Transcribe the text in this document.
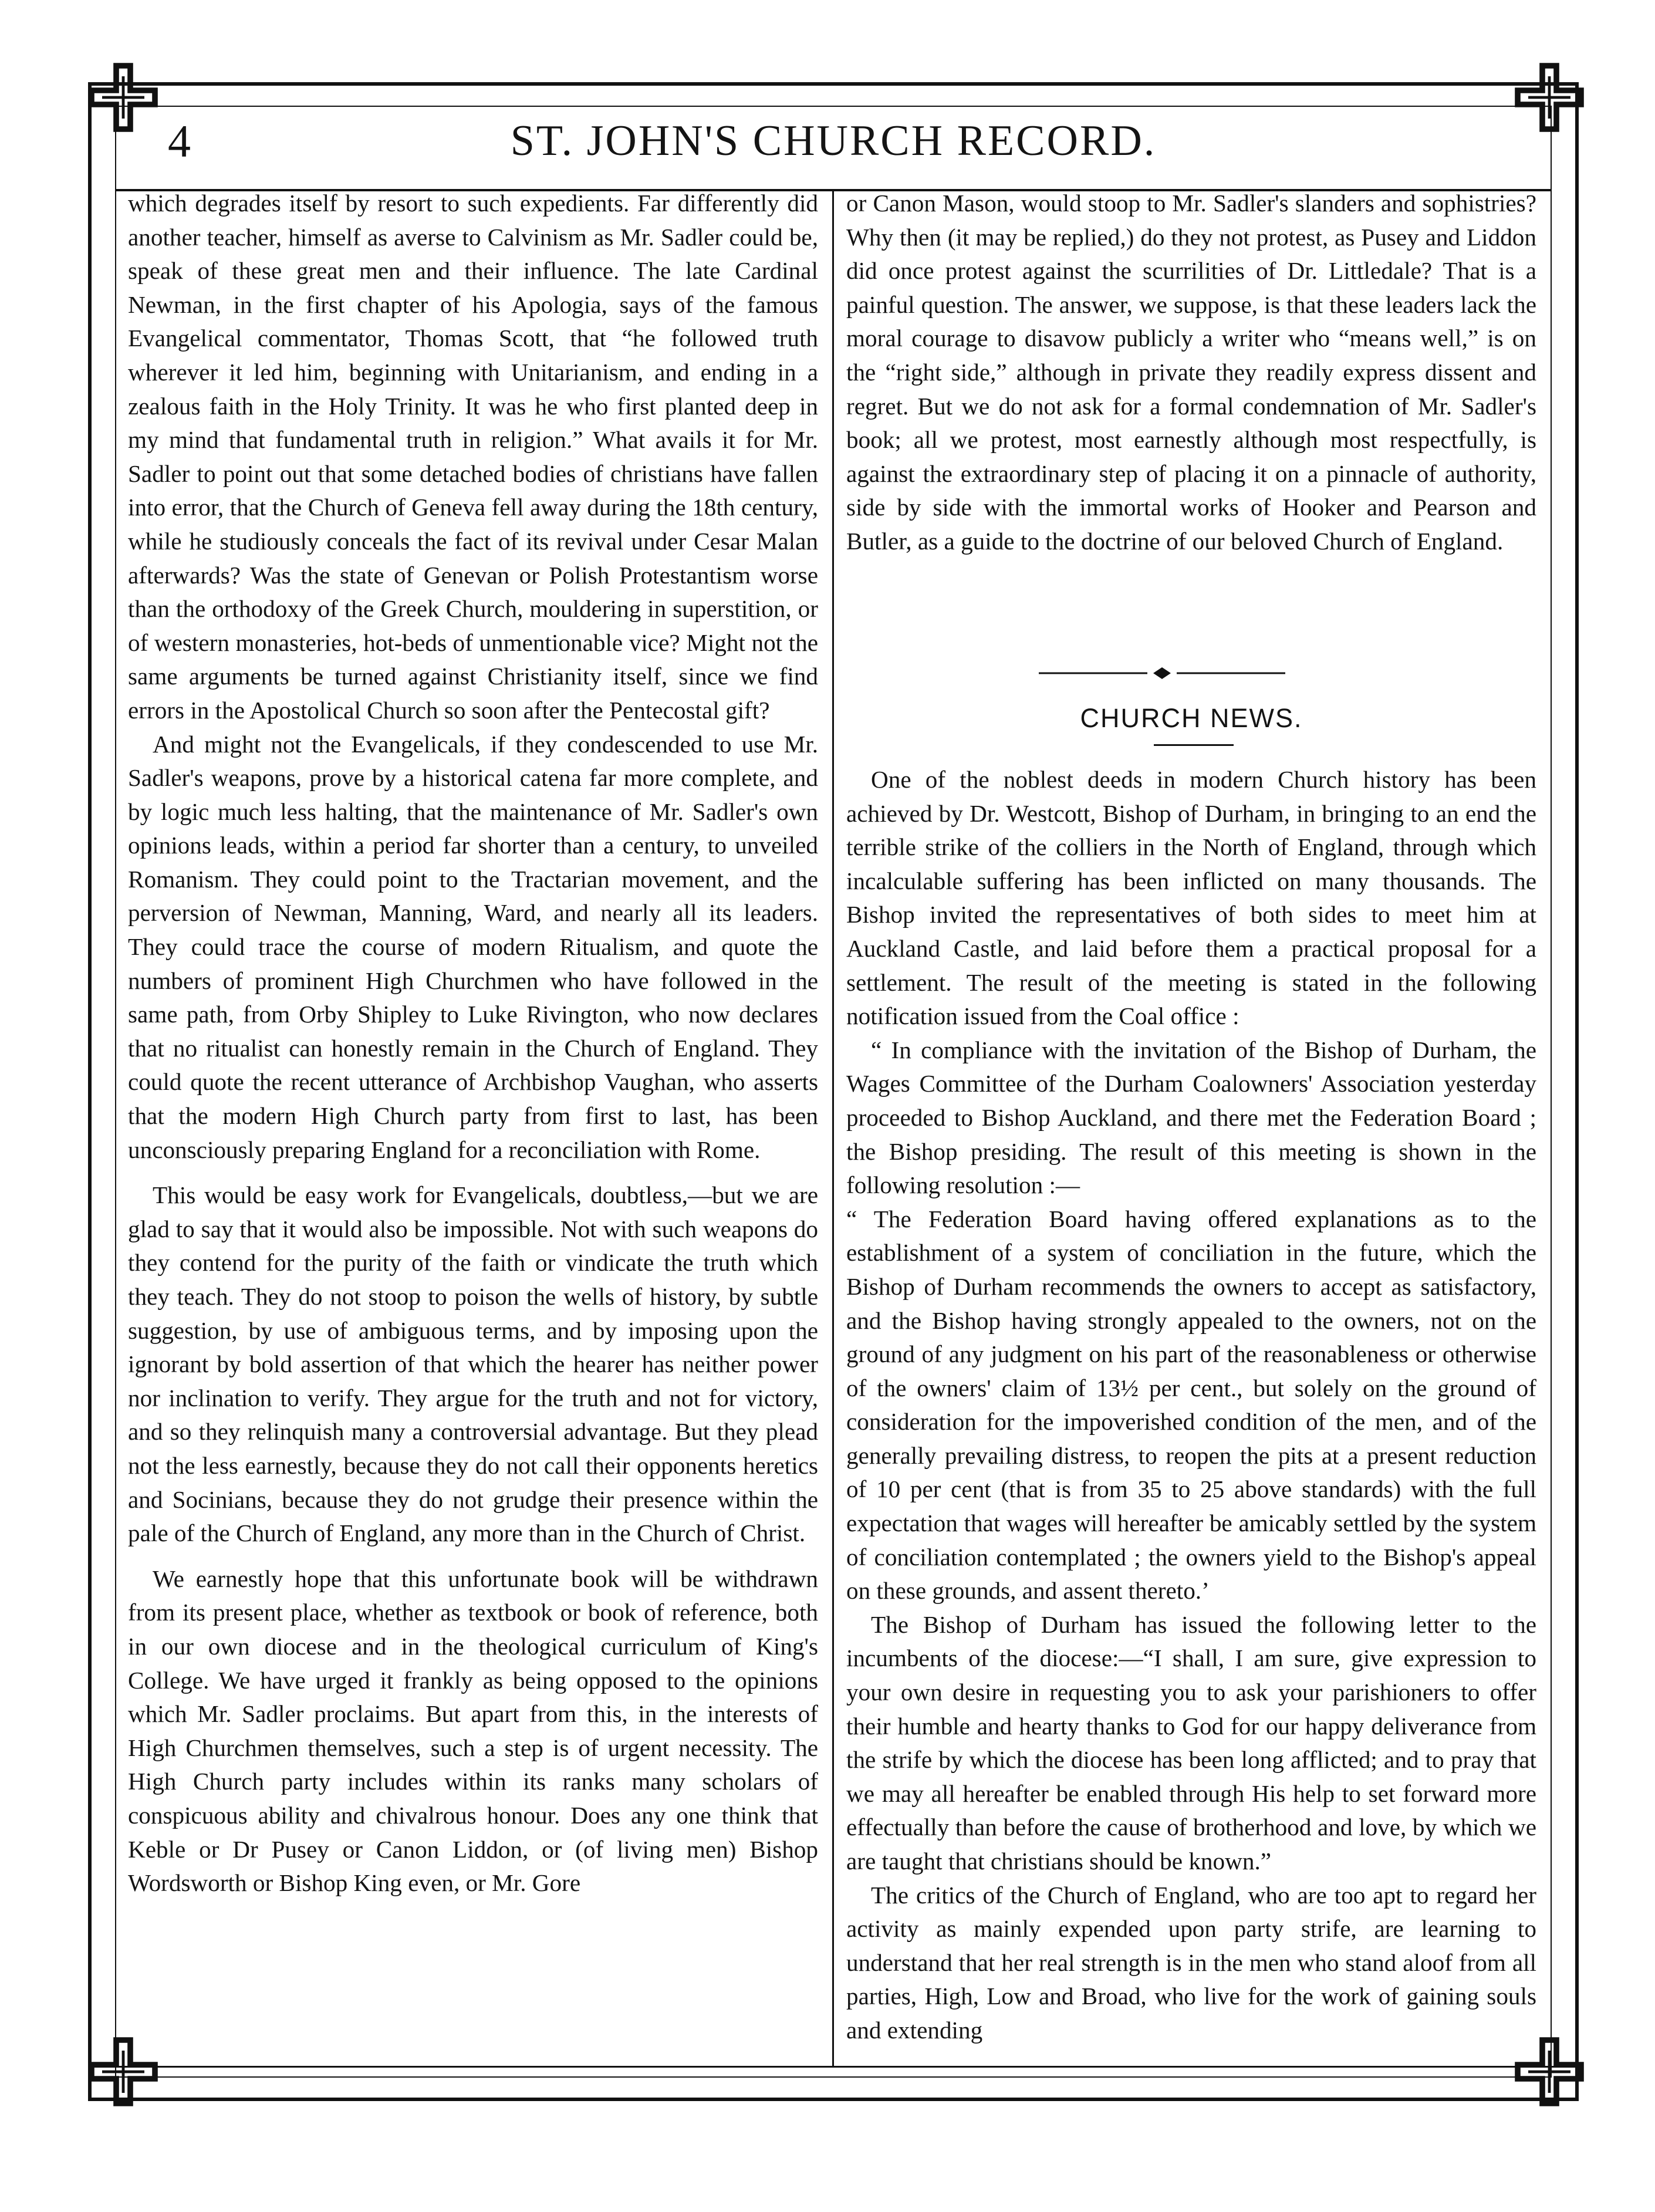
4	ST. JOHN'S CHURCH RECORD.

which degrades itself by resort to such expedients. Far differently did another teacher, himself as averse to Calvinism as Mr. Sadler could be, speak of these great men and their influence. The late Cardinal Newman, in the first chapter of his Apologia, says of the famous Evangelical commentator, Thomas Scott, that “he followed truth wherever it led him, beginning with Unitarianism, and ending in a zealous faith in the Holy Trinity. It was he who first planted deep in my mind that fundamental truth in religion.” What avails it for Mr. Sadler to point out that some detached bodies of christians have fallen into error, that the Church of Geneva fell away during the 18th century, while he studiously conceals the fact of its revival under Cesar Malan afterwards? Was the state of Genevan or Polish Protestantism worse than the orthodoxy of the Greek Church, mouldering in superstition, or of western monasteries, hot-beds of unmentionable vice? Might not the same arguments be turned against Christianity itself, since we find errors in the Apostolical Church so soon after the Pentecostal gift?

And might not the Evangelicals, if they condescended to use Mr. Sadler's weapons, prove by a historical catena far more complete, and by logic much less halting, that the maintenance of Mr. Sadler's own opinions leads, within a period far shorter than a century, to unveiled Romanism. They could point to the Tractarian movement, and the perversion of Newman, Manning, Ward, and nearly all its leaders. They could trace the course of modern Ritualism, and quote the numbers of prominent High Churchmen who have followed in the same path, from Orby Shipley to Luke Rivington, who now declares that no ritualist can honestly remain in the Church of England. They could quote the recent utterance of Archbishop Vaughan, who asserts that the modern High Church party from first to last, has been unconsciously preparing England for a reconciliation with Rome.

This would be easy work for Evangelicals, doubtless,—but we are glad to say that it would also be impossible. Not with such weapons do they contend for the purity of the faith or vindicate the truth which they teach. They do not stoop to poison the wells of history, by subtle suggestion, by use of ambiguous terms, and by imposing upon the ignorant by bold assertion of that which the hearer has neither power nor inclination to verify. They argue for the truth and not for victory, and so they relinquish many a controversial advantage. But they plead not the less earnestly, because they do not call their opponents heretics and Socinians, because they do not grudge their presence within the pale of the Church of England, any more than in the Church of Christ.

We earnestly hope that this unfortunate book will be withdrawn from its present place, whether as textbook or book of reference, both in our own diocese and in the theological curriculum of King's College. We have urged it frankly as being opposed to the opinions which Mr. Sadler proclaims. But apart from this, in the interests of High Churchmen themselves, such a step is of urgent necessity. The High Church party includes within its ranks many scholars of conspicuous ability and chivalrous honour. Does any one think that Keble or Dr Pusey or Canon Liddon, or (of living men) Bishop Wordsworth or Bishop King even, or Mr. Gore

or Canon Mason, would stoop to Mr. Sadler's slanders and sophistries? Why then (it may be replied,) do they not protest, as Pusey and Liddon did once protest against the scurrilities of Dr. Littledale? That is a painful question. The answer, we suppose, is that these leaders lack the moral courage to disavow publicly a writer who “means well,” is on the “right side,” although in private they readily express dissent and regret. But we do not ask for a formal condemnation of Mr. Sadler's book; all we protest, most earnestly although most respectfully, is against the extraordinary step of placing it on a pinnacle of authority, side by side with the immortal works of Hooker and Pearson and Butler, as a guide to the doctrine of our beloved Church of England.

CHURCH NEWS.

One of the noblest deeds in modern Church history has been achieved by Dr. Westcott, Bishop of Durham, in bringing to an end the terrible strike of the colliers in the North of England, through which incalculable suffering has been inflicted on many thousands. The Bishop invited the representatives of both sides to meet him at Auckland Castle, and laid before them a practical proposal for a settlement. The result of the meeting is stated in the following notification issued from the Coal office :

“ In compliance with the invitation of the Bishop of Durham, the Wages Committee of the Durham Coalowners' Association yesterday proceeded to Bishop Auckland, and there met the Federation Board ; the Bishop presiding. The result of this meeting is shown in the following resolution :—

“ The Federation Board having offered explanations as to the establishment of a system of conciliation in the future, which the Bishop of Durham recommends the owners to accept as satisfactory, and the Bishop having strongly appealed to the owners, not on the ground of any judgment on his part of the reasonableness or otherwise of the owners' claim of 13½ per cent., but solely on the ground of consideration for the impoverished condition of the men, and of the generally prevailing distress, to reopen the pits at a present reduction of 10 per cent (that is from 35 to 25 above standards) with the full expectation that wages will hereafter be amicably settled by the system of conciliation contemplated ; the owners yield to the Bishop's appeal on these grounds, and assent thereto.’

The Bishop of Durham has issued the following letter to the incumbents of the diocese:—“I shall, I am sure, give expression to your own desire in requesting you to ask your parishioners to offer their humble and hearty thanks to God for our happy deliverance from the strife by which the diocese has been long afflicted; and to pray that we may all hereafter be enabled through His help to set forward more effectually than before the cause of brotherhood and love, by which we are taught that christians should be known.”

The critics of the Church of England, who are too apt to regard her activity as mainly expended upon party strife, are learning to understand that her real strength is in the men who stand aloof from all parties, High, Low and Broad, who live for the work of gaining souls and extending
